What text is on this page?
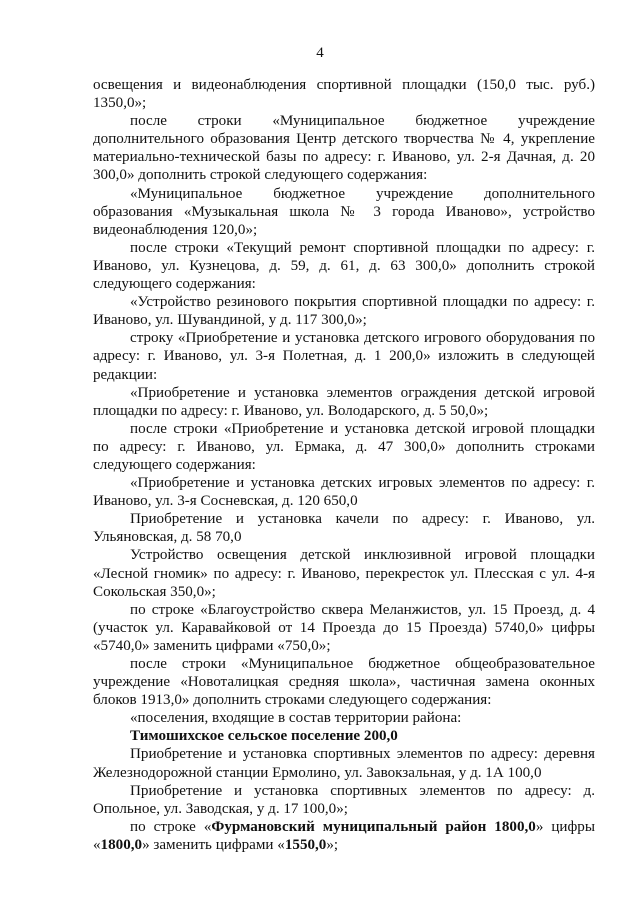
4

освещения и видеонаблюдения спортивной площадки (150,0 тыс. руб.) 1350,0»;

после строки «Муниципальное бюджетное учреждение дополнительного образования Центр детского творчества № 4, укрепление материально-технической базы по адресу: г. Иваново, ул. 2-я Дачная, д. 20 300,0» дополнить строкой следующего содержания:

«Муниципальное бюджетное учреждение дополнительного образования «Музыкальная школа № 3 города Иваново», устройство видеонаблюдения 120,0»;

после строки «Текущий ремонт спортивной площадки по адресу: г. Иваново, ул. Кузнецова, д. 59, д. 61, д. 63 300,0» дополнить строкой следующего содержания:

«Устройство резинового покрытия спортивной площадки по адресу: г. Иваново, ул. Шувандиной, у д. 117 300,0»;

строку «Приобретение и установка детского игрового оборудования по адресу: г. Иваново, ул. 3-я Полетная, д. 1 200,0» изложить в следующей редакции:

«Приобретение и установка элементов ограждения детской игровой площадки по адресу: г. Иваново, ул. Володарского, д. 5 50,0»;

после строки «Приобретение и установка детской игровой площадки по адресу: г. Иваново, ул. Ермака, д. 47 300,0» дополнить строками следующего содержания:

«Приобретение и установка детских игровых элементов по адресу: г. Иваново, ул. 3-я Сосневская, д. 120 650,0

Приобретение и установка качели по адресу: г. Иваново, ул. Ульяновская, д. 58 70,0

Устройство освещения детской инклюзивной игровой площадки «Лесной гномик» по адресу: г. Иваново, перекресток ул. Плесская с ул. 4-я Сокольская 350,0»;

по строке «Благоустройство сквера Меланжистов, ул. 15 Проезд, д. 4 (участок ул. Каравайковой от 14 Проезда до 15 Проезда) 5740,0» цифры «5740,0» заменить цифрами «750,0»;

после строки «Муниципальное бюджетное общеобразовательное учреждение «Новоталицкая средняя школа», частичная замена оконных блоков 1913,0» дополнить строками следующего содержания:

«поселения, входящие в состав территории района:

Тимошихское сельское поселение 200,0

Приобретение и установка спортивных элементов по адресу: деревня Железнодорожной станции Ермолино, ул. Завокзальная, у д. 1А 100,0

Приобретение и установка спортивных элементов по адресу: д. Опольное, ул. Заводская, у д. 17 100,0»;

по строке «Фурмановский муниципальный район 1800,0» цифры «1800,0» заменить цифрами «1550,0»;
